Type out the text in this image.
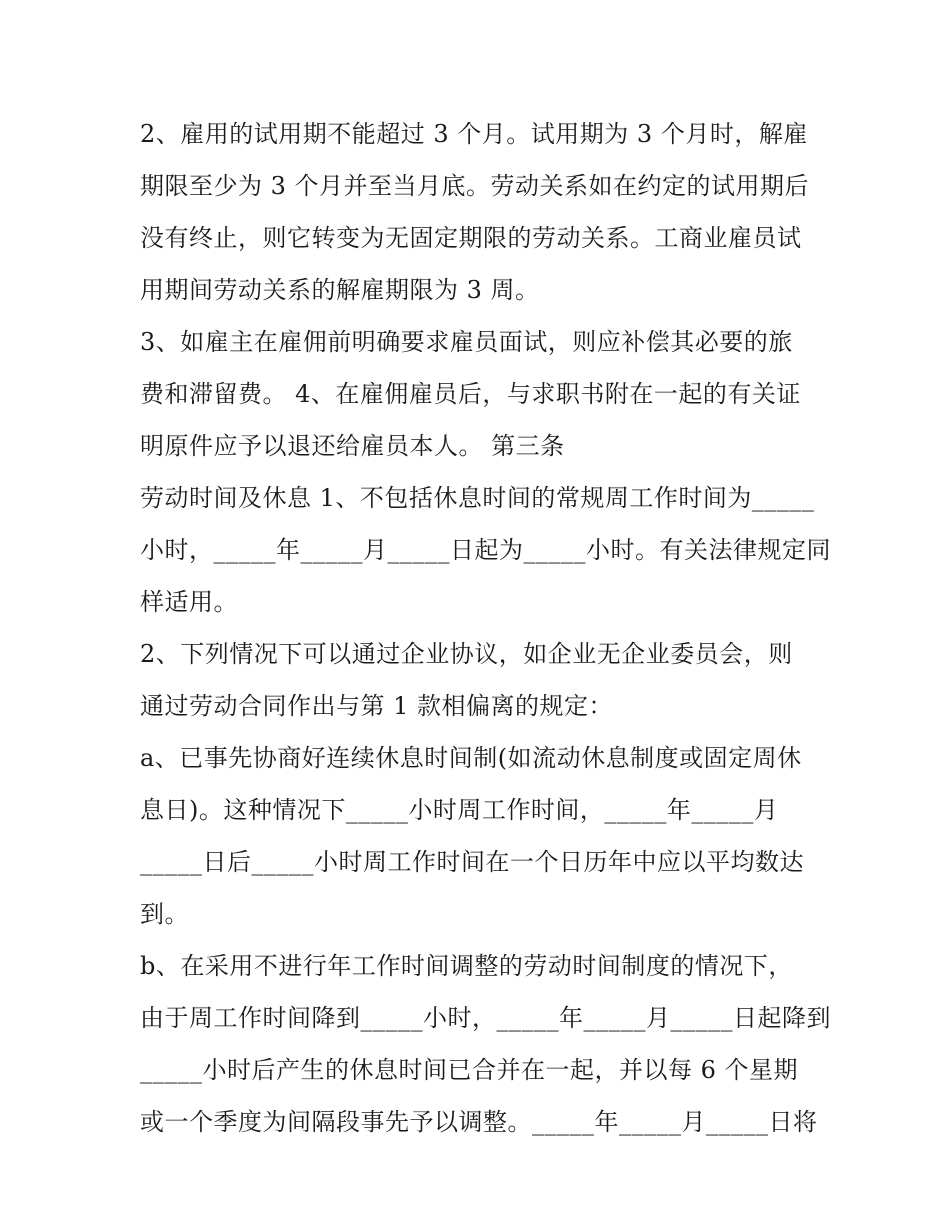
2、雇用的试用期不能超过 3 个月。试用期为 3 个月时，解雇
期限至少为 3 个月并至当月底。劳动关系如在约定的试用期后
没有终止，则它转变为无固定期限的劳动关系。工商业雇员试
用期间劳动关系的解雇期限为 3 周。
3、如雇主在雇佣前明确要求雇员面试，则应补偿其必要的旅
费和滞留费。 4、在雇佣雇员后，与求职书附在一起的有关证
明原件应予以退还给雇员本人。 第三条
劳动时间及休息 1、不包括休息时间的常规周工作时间为_____
小时，_____年_____月_____日起为_____小时。有关法律规定同
样适用。
2、下列情况下可以通过企业协议，如企业无企业委员会，则
通过劳动合同作出与第 1 款相偏离的规定：
a、已事先协商好连续休息时间制(如流动休息制度或固定周休
息日)。这种情况下_____小时周工作时间，_____年_____月
_____日后_____小时周工作时间在一个日历年中应以平均数达
到。
b、在采用不进行年工作时间调整的劳动时间制度的情况下，
由于周工作时间降到_____小时，_____年_____月_____日起降到
_____小时后产生的休息时间已合并在一起，并以每 6 个星期
或一个季度为间隔段事先予以调整。_____年_____月_____日将
